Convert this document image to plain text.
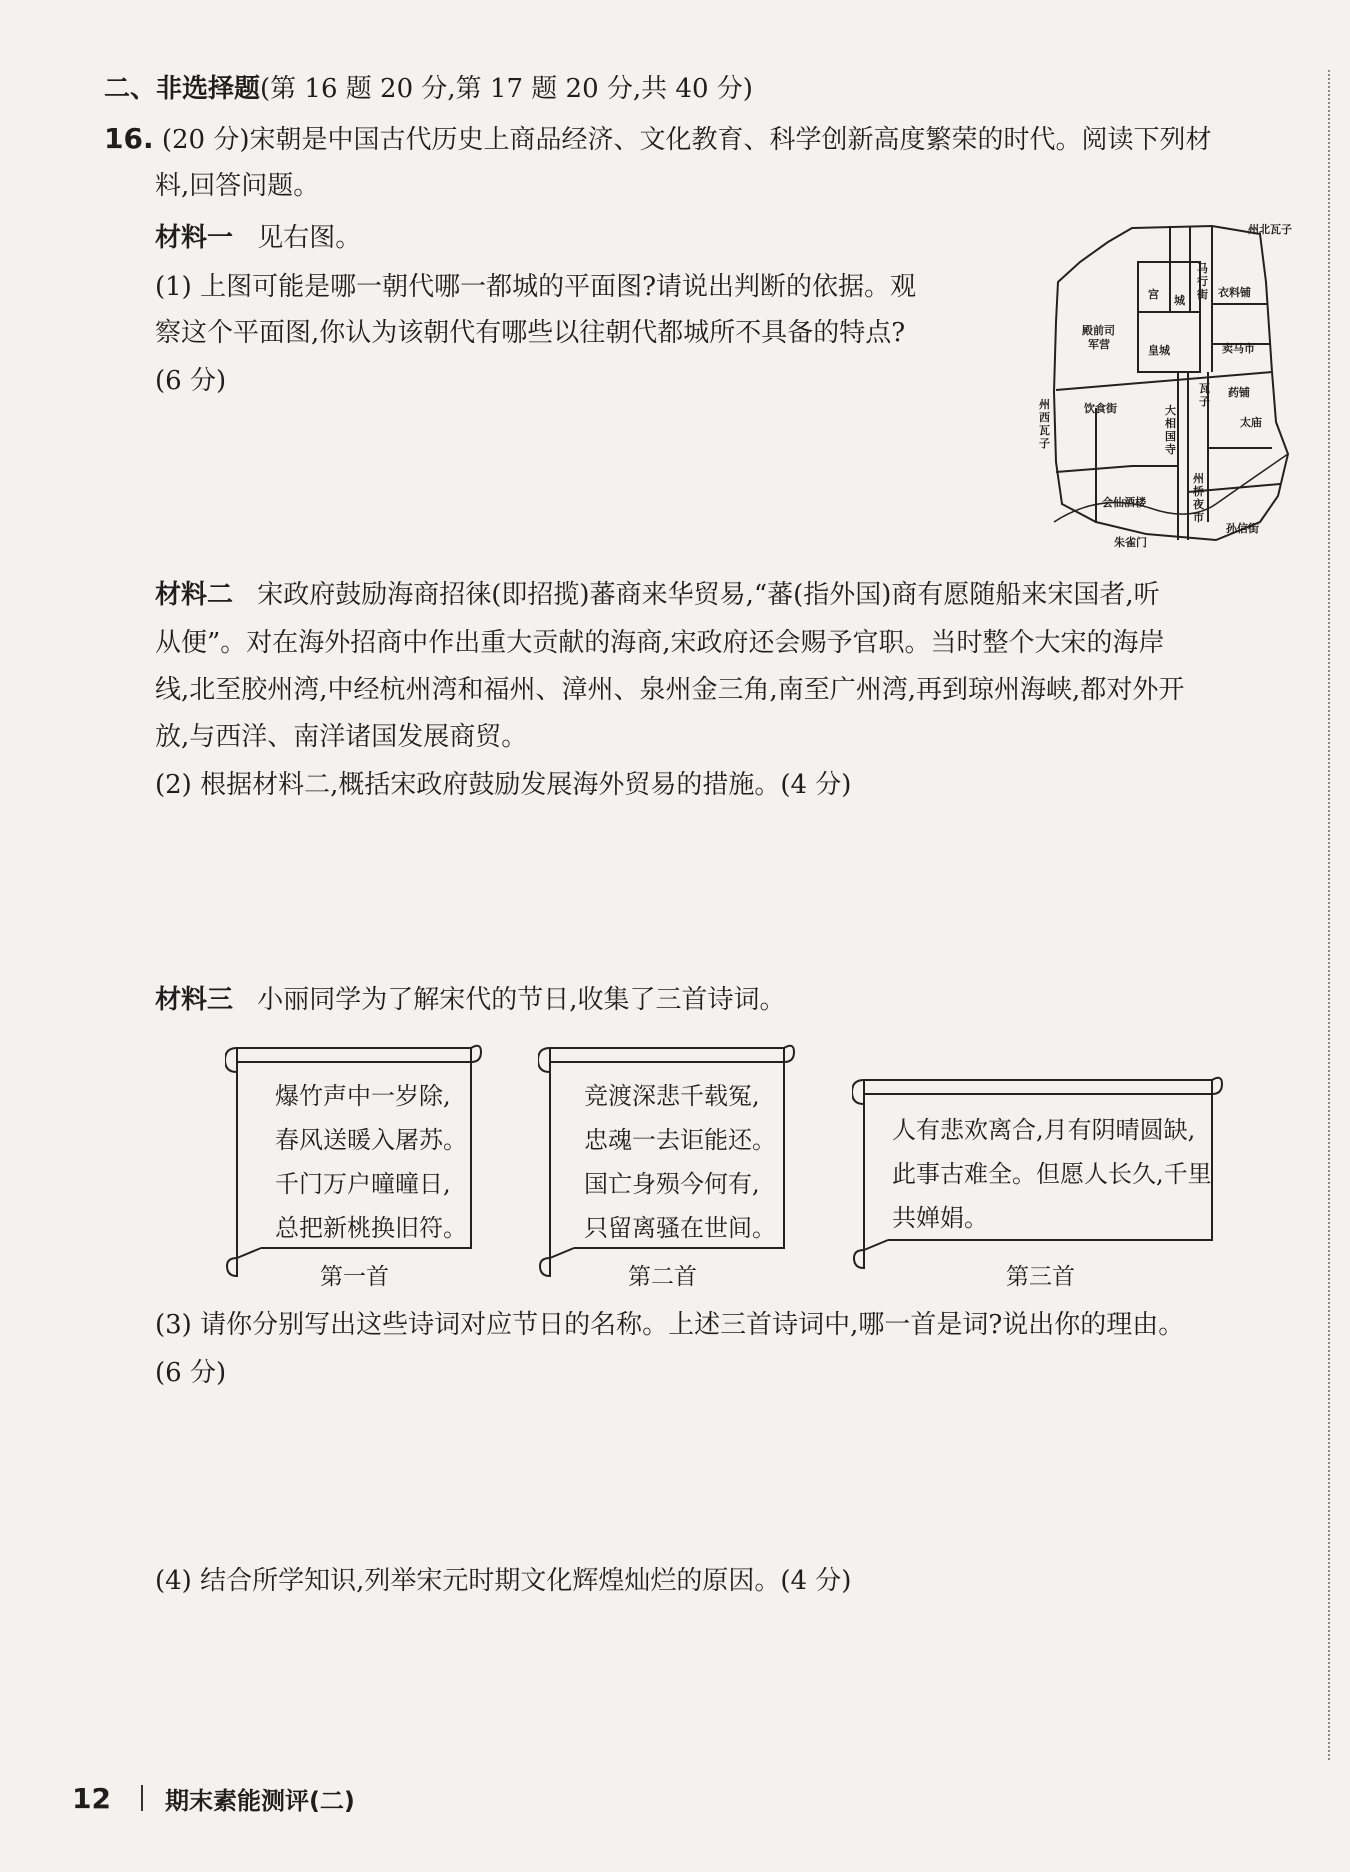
二、非选择题(第 16 题 20 分,第 17 题 20 分,共 40 分)
16. (20 分)宋朝是中国古代历史上商品经济、文化教育、科学创新高度繁荣的时代。阅读下列材
料,回答问题。
材料一 见右图。
(1) 上图可能是哪一朝代哪一都城的平面图?请说出判断的依据。观
察这个平面图,你认为该朝代有哪些以往朝代都城所不具备的特点?
(6 分)
州北瓦子
马行街
宫 城
衣料铺
殿前司
军营	皇城	卖马市
州西瓦子
饮食街
瓦子
药铺
大相国寺
太庙
州桥夜市
会仙酒楼
朱雀门
孙信街
材料二 宋政府鼓励海商招徕(即招揽)蕃商来华贸易,“蕃(指外国)商有愿随船来宋国者,听
从便”。对在海外招商中作出重大贡献的海商,宋政府还会赐予官职。当时整个大宋的海岸
线,北至胶州湾,中经杭州湾和福州、漳州、泉州金三角,南至广州湾,再到琼州海峡,都对外开
放,与西洋、南洋诸国发展商贸。
(2) 根据材料二,概括宋政府鼓励发展海外贸易的措施。(4 分)
材料三 小丽同学为了解宋代的节日,收集了三首诗词。
爆竹声中一岁除,
春风送暖入屠苏。
千门万户曈曈日,
总把新桃换旧符。
第一首
竞渡深悲千载冤,
忠魂一去讵能还。
国亡身殒今何有,
只留离骚在世间。
第二首
人有悲欢离合,月有阴晴圆缺,
此事古难全。但愿人长久,千里
共婵娟。
第三首
(3) 请你分别写出这些诗词对应节日的名称。上述三首诗词中,哪一首是词?说出你的理由。
(6 分)
(4) 结合所学知识,列举宋元时期文化辉煌灿烂的原因。(4 分)
12 期末素能测评(二)
